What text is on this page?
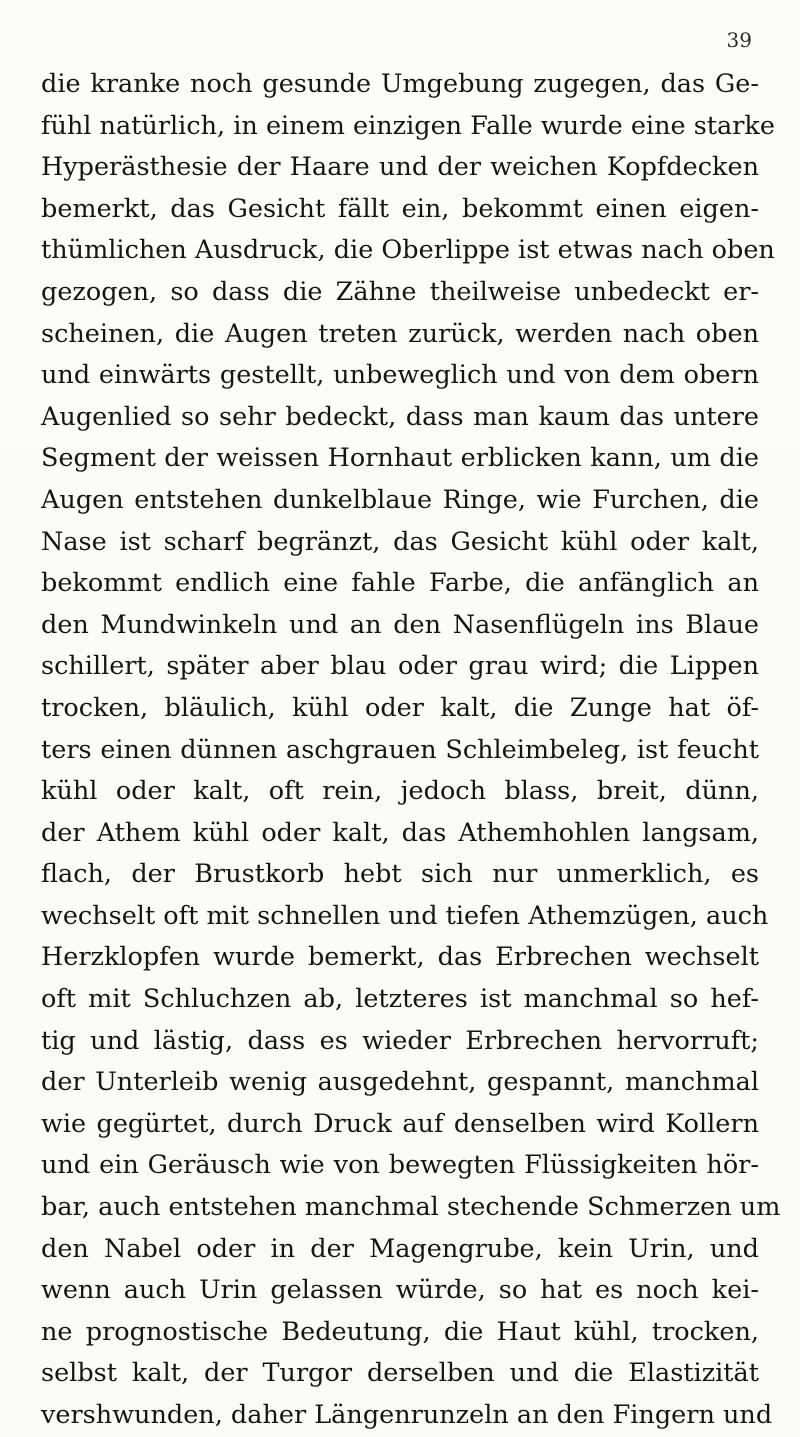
39
die kranke noch gesunde Umgebung zugegen, das Ge-
fühl natürlich, in einem einzigen Falle wurde eine starke
Hyperästhesie der Haare und der weichen Kopfdecken
bemerkt, das Gesicht fällt ein, bekommt einen eigen-
thümlichen Ausdruck, die Oberlippe ist etwas nach oben
gezogen, so dass die Zähne theilweise unbedeckt er-
scheinen, die Augen treten zurück, werden nach oben
und einwärts gestellt, unbeweglich und von dem obern
Augenlied so sehr bedeckt, dass man kaum das untere
Segment der weissen Hornhaut erblicken kann, um die
Augen entstehen dunkelblaue Ringe, wie Furchen, die
Nase ist scharf begränzt, das Gesicht kühl oder kalt,
bekommt endlich eine fahle Farbe, die anfänglich an
den Mundwinkeln und an den Nasenflügeln ins Blaue
schillert, später aber blau oder grau wird; die Lippen
trocken, bläulich, kühl oder kalt, die Zunge hat öf-
ters einen dünnen aschgrauen Schleimbeleg, ist feucht
kühl oder kalt, oft rein, jedoch blass, breit, dünn,
der Athem kühl oder kalt, das Athemhohlen langsam,
flach, der Brustkorb hebt sich nur unmerklich, es
wechselt oft mit schnellen und tiefen Athemzügen, auch
Herzklopfen wurde bemerkt, das Erbrechen wechselt
oft mit Schluchzen ab, letzteres ist manchmal so hef-
tig und lästig, dass es wieder Erbrechen hervorruft;
der Unterleib wenig ausgedehnt, gespannt, manchmal
wie gegürtet, durch Druck auf denselben wird Kollern
und ein Geräusch wie von bewegten Flüssigkeiten hör-
bar, auch entstehen manchmal stechende Schmerzen um
den Nabel oder in der Magengrube, kein Urin, und
wenn auch Urin gelassen würde, so hat es noch kei-
ne prognostische Bedeutung, die Haut kühl, trocken,
selbst kalt, der Turgor derselben und die Elastizität
vershwunden, daher Längenrunzeln an den Fingern und
